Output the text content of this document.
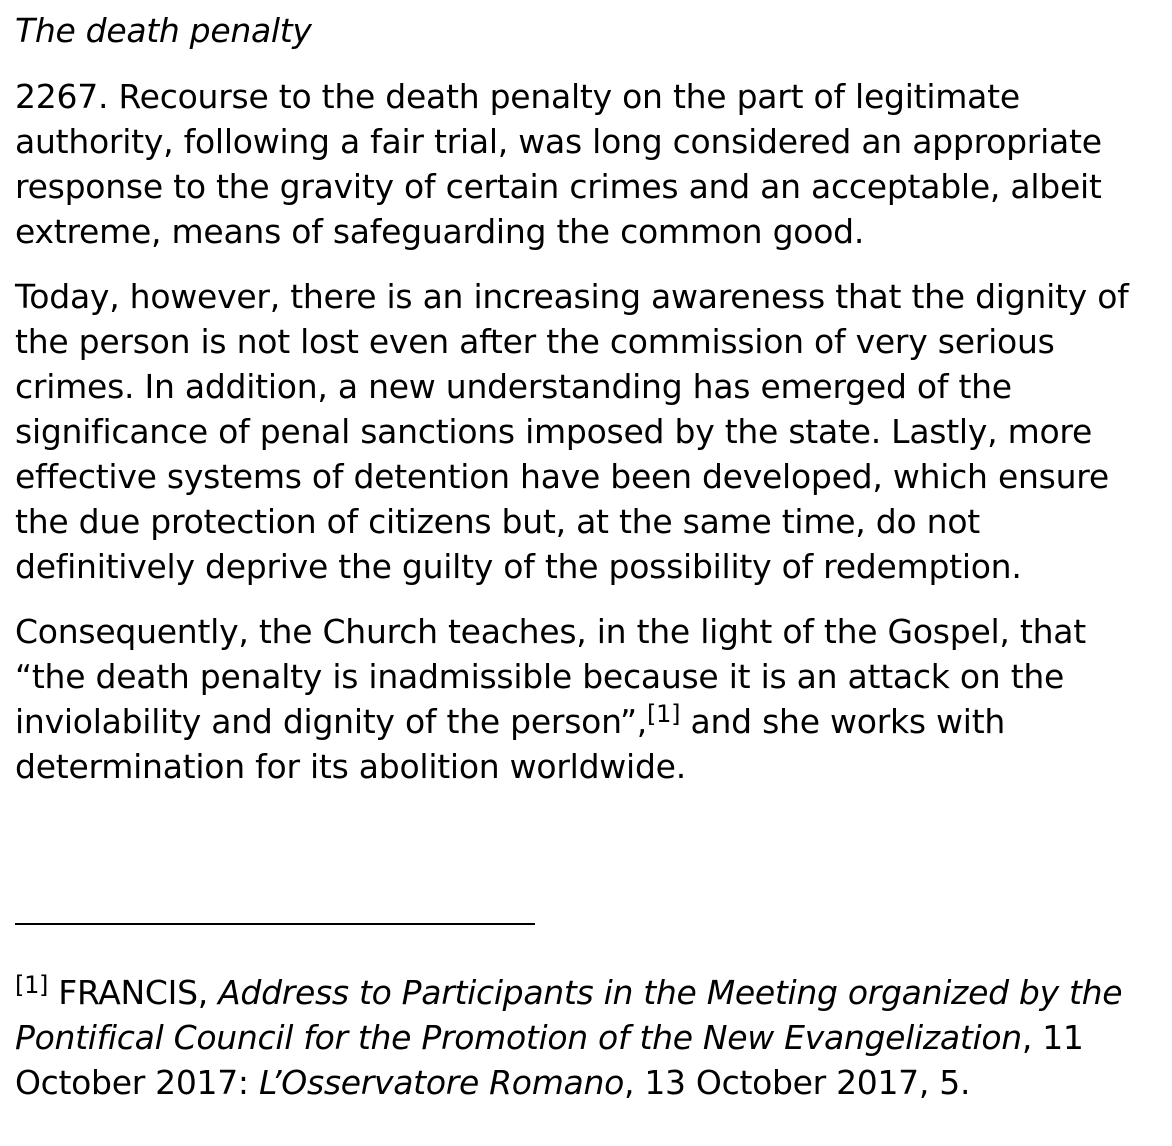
The death penalty

2267. Recourse to the death penalty on the part of legitimate authority, following a fair trial, was long considered an appropriate response to the gravity of certain crimes and an acceptable, albeit extreme, means of safeguarding the common good.

Today, however, there is an increasing awareness that the dignity of the person is not lost even after the commission of very serious crimes. In addition, a new understanding has emerged of the significance of penal sanctions imposed by the state. Lastly, more effective systems of detention have been developed, which ensure the due protection of citizens but, at the same time, do not definitively deprive the guilty of the possibility of redemption.

Consequently, the Church teaches, in the light of the Gospel, that “the death penalty is inadmissible because it is an attack on the inviolability and dignity of the person”,[1] and she works with determination for its abolition worldwide.

[1] FRANCIS, Address to Participants in the Meeting organized by the Pontifical Council for the Promotion of the New Evangelization, 11 October 2017: L’Osservatore Romano, 13 October 2017, 5.
